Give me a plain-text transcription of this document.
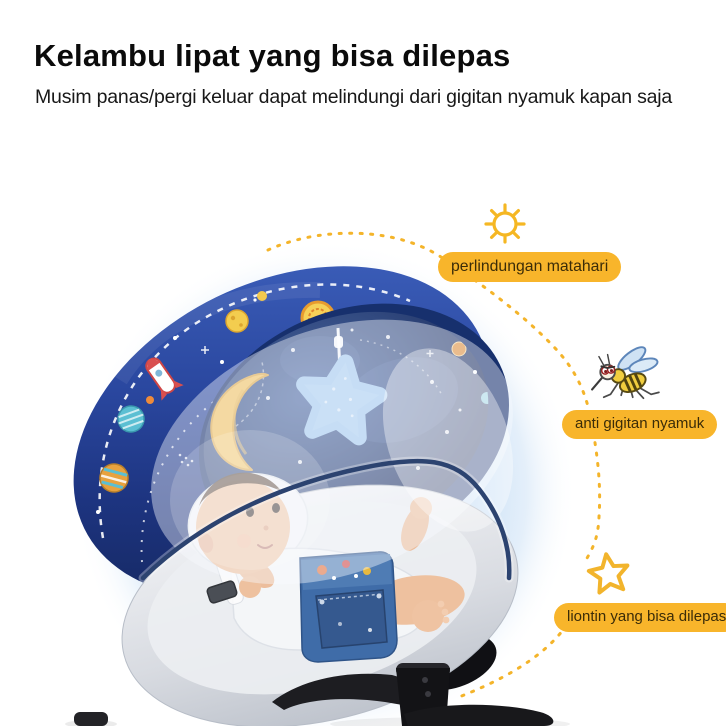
Kelambu lipat yang bisa dilepas

Musim panas/pergi keluar dapat melindungi dari gigitan nyamuk kapan saja

perlindungan matahari
anti gigitan nyamuk
liontin yang bisa dilepas
